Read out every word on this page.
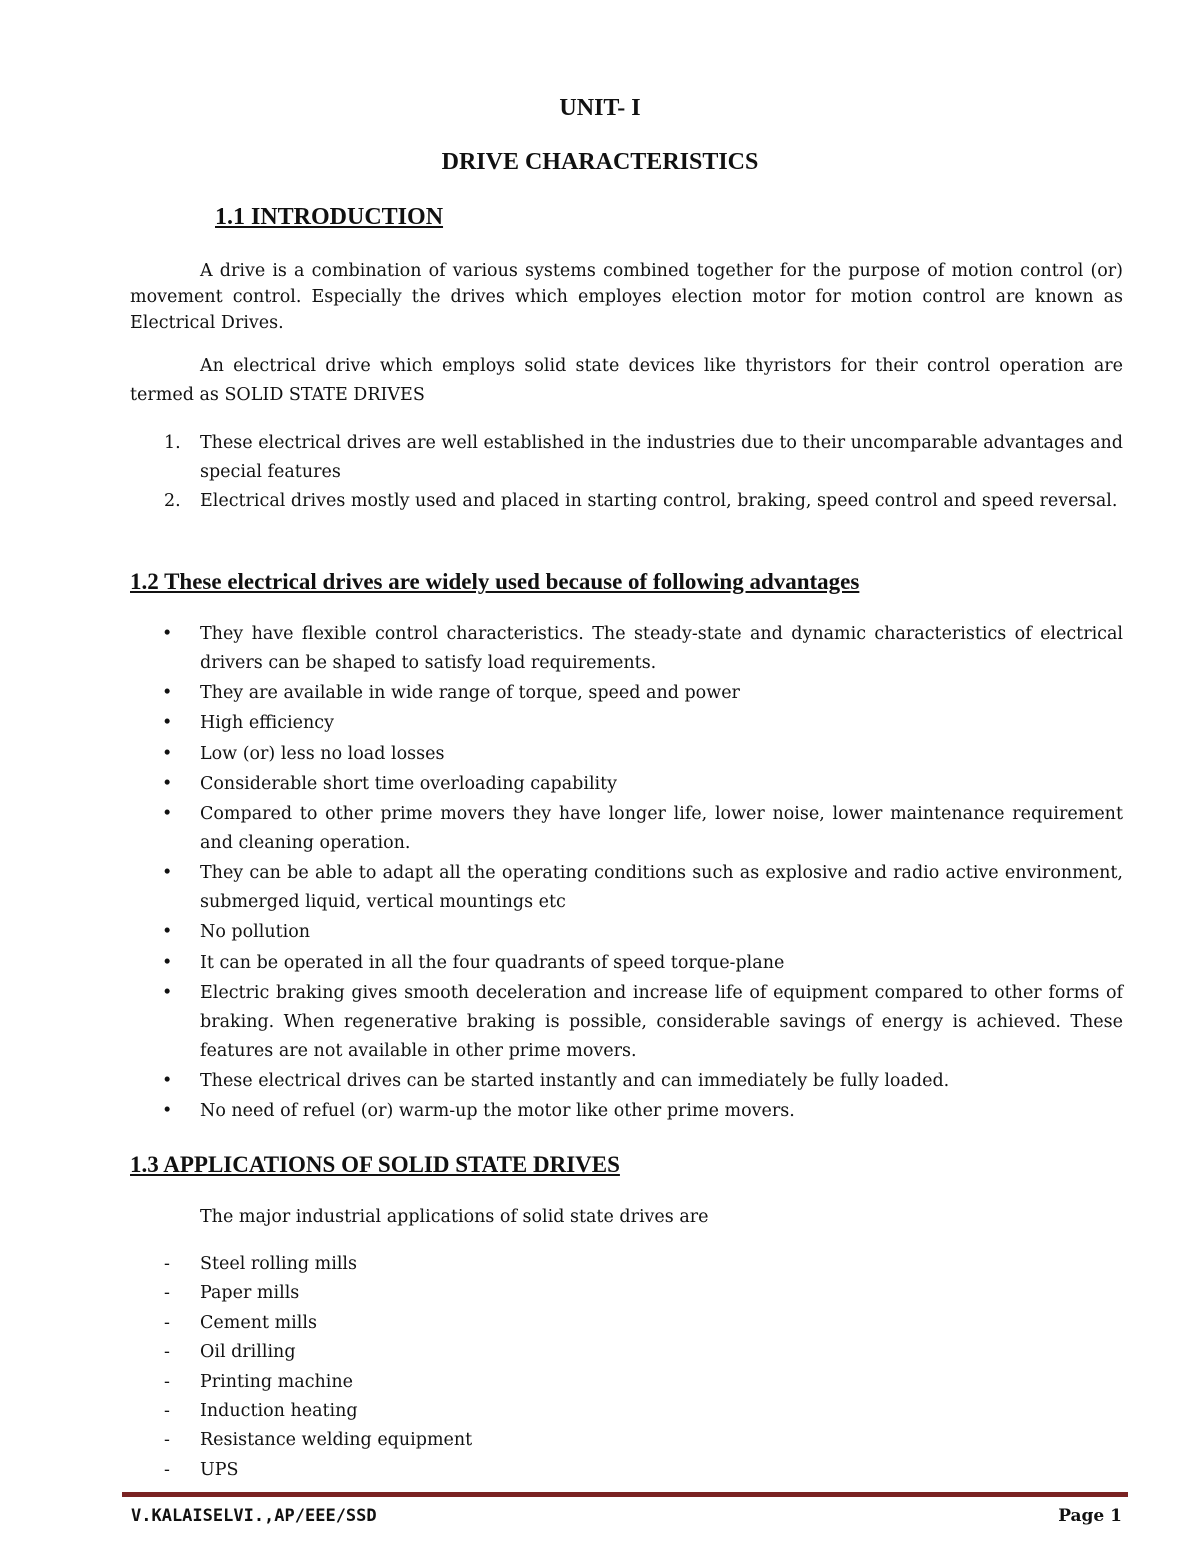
UNIT- I
DRIVE CHARACTERISTICS
1.1 INTRODUCTION

A drive is a combination of various systems combined together for the purpose of motion control (or) movement control. Especially the drives which employes election motor for motion control are known as Electrical Drives.

An electrical drive which employs solid state devices like thyristors for their control operation are termed as SOLID STATE DRIVES

1. These electrical drives are well established in the industries due to their uncomparable advantages and special features
2. Electrical drives mostly used and placed in starting control, braking, speed control and speed reversal.
1.2 These electrical drives are widely used because of following advantages
• They have flexible control characteristics. The steady-state and dynamic characteristics of electrical drivers can be shaped to satisfy load requirements.
• They are available in wide range of torque, speed and power
• High efficiency
• Low (or) less no load losses
• Considerable short time overloading capability
• Compared to other prime movers they have longer life, lower noise, lower maintenance requirement and cleaning operation.
• They can be able to adapt all the operating conditions such as explosive and radio active environment, submerged liquid, vertical mountings etc
• No pollution
• It can be operated in all the four quadrants of speed torque-plane
• Electric braking gives smooth deceleration and increase life of equipment compared to other forms of braking. When regenerative braking is possible, considerable savings of energy is achieved. These features are not available in other prime movers.
• These electrical drives can be started instantly and can immediately be fully loaded.
• No need of refuel (or) warm-up the motor like other prime movers.
1.3 APPLICATIONS OF SOLID STATE DRIVES

The major industrial applications of solid state drives are

- Steel rolling mills
- Paper mills
- Cement mills
- Oil drilling
- Printing machine
- Induction heating
- Resistance welding equipment
- UPS

V.KALAISELVI.,AP/EEE/SSD	Page 1
